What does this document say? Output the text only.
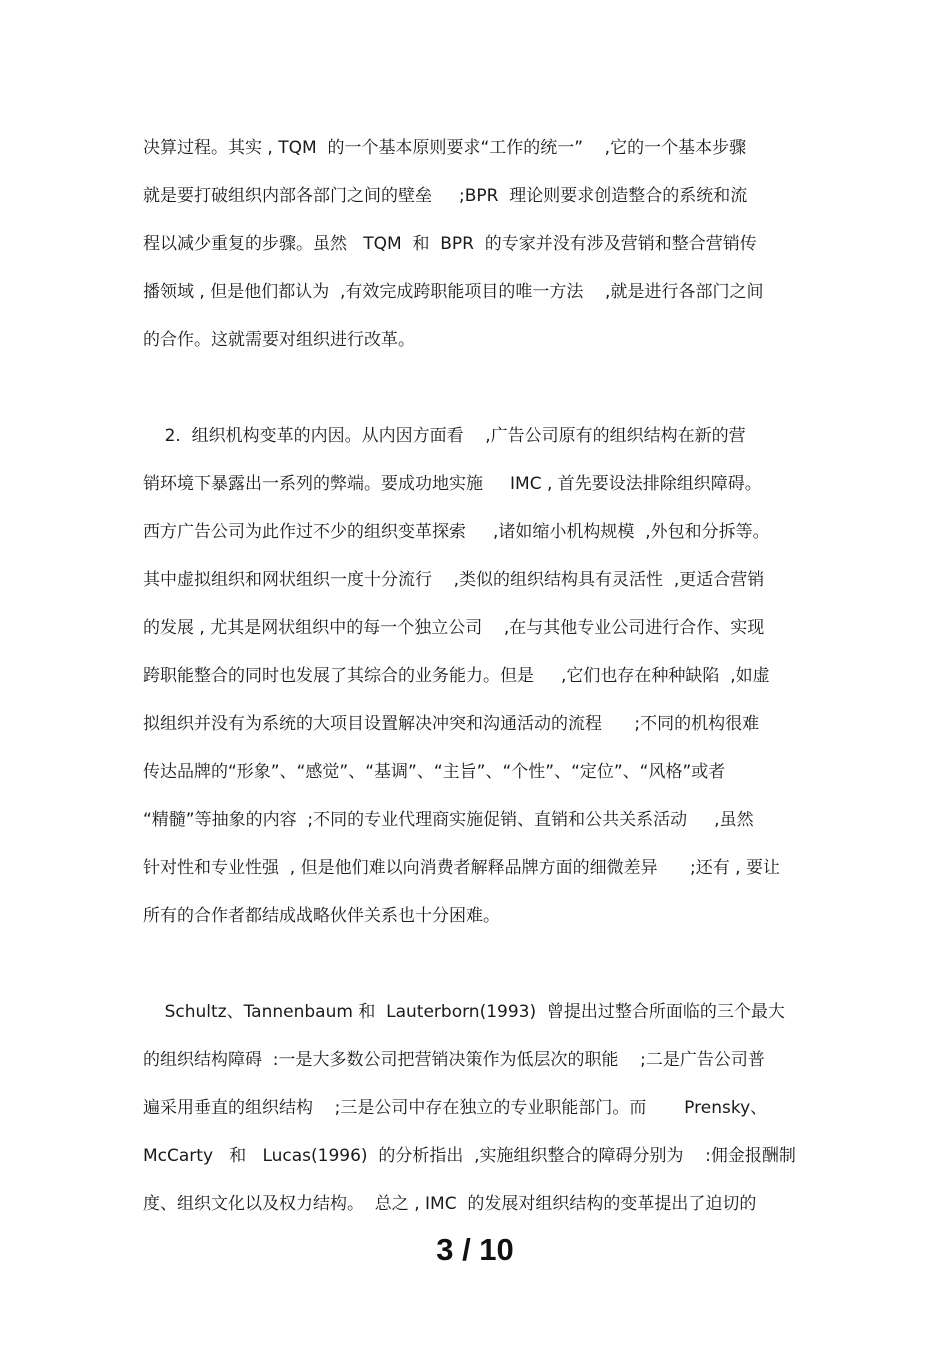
决算过程。其实 , TQM  的一个基本原则要求“工作的统一”    ,它的一个基本步骤
就是要打破组织内部各部门之间的壁垒     ;BPR  理论则要求创造整合的系统和流
程以减少重复的步骤。虽然   TQM  和  BPR  的专家并没有涉及营销和整合营销传
播领域 , 但是他们都认为  ,有效完成跨职能项目的唯一方法    ,就是进行各部门之间
的合作。这就需要对组织进行改革。
2.  组织机构变革的内因。从内因方面看    ,广告公司原有的组织结构在新的营
销环境下暴露出一系列的弊端。要成功地实施     IMC , 首先要设法排除组织障碍。
西方广告公司为此作过不少的组织变革探索     ,诸如缩小机构规模  ,外包和分拆等。
其中虚拟组织和网状组织一度十分流行    ,类似的组织结构具有灵活性  ,更适合营销
的发展 , 尤其是网状组织中的每一个独立公司    ,在与其他专业公司进行合作、实现
跨职能整合的同时也发展了其综合的业务能力。但是     ,它们也存在种种缺陷  ,如虚
拟组织并没有为系统的大项目设置解决冲突和沟通活动的流程      ;不同的机构很难
传达品牌的“形象”、“感觉”、“基调”、“主旨”、“个性”、“定位”、“风格”或者
“精髓”等抽象的内容  ;不同的专业代理商实施促销、直销和公共关系活动     ,虽然
针对性和专业性强  , 但是他们难以向消费者解释品牌方面的细微差异      ;还有 , 要让
所有的合作者都结成战略伙伴关系也十分困难。
Schultz、Tannenbaum 和  Lauterborn(1993)  曾提出过整合所面临的三个最大
的组织结构障碍  :一是大多数公司把营销决策作为低层次的职能    ;二是广告公司普
遍采用垂直的组织结构    ;三是公司中存在独立的专业职能部门。而       Prensky、
McCarty   和   Lucas(1996)  的分析指出  ,实施组织整合的障碍分别为    :佣金报酬制
度、组织文化以及权力结构。  总之 , IMC  的发展对组织结构的变革提出了迫切的
3 / 10
